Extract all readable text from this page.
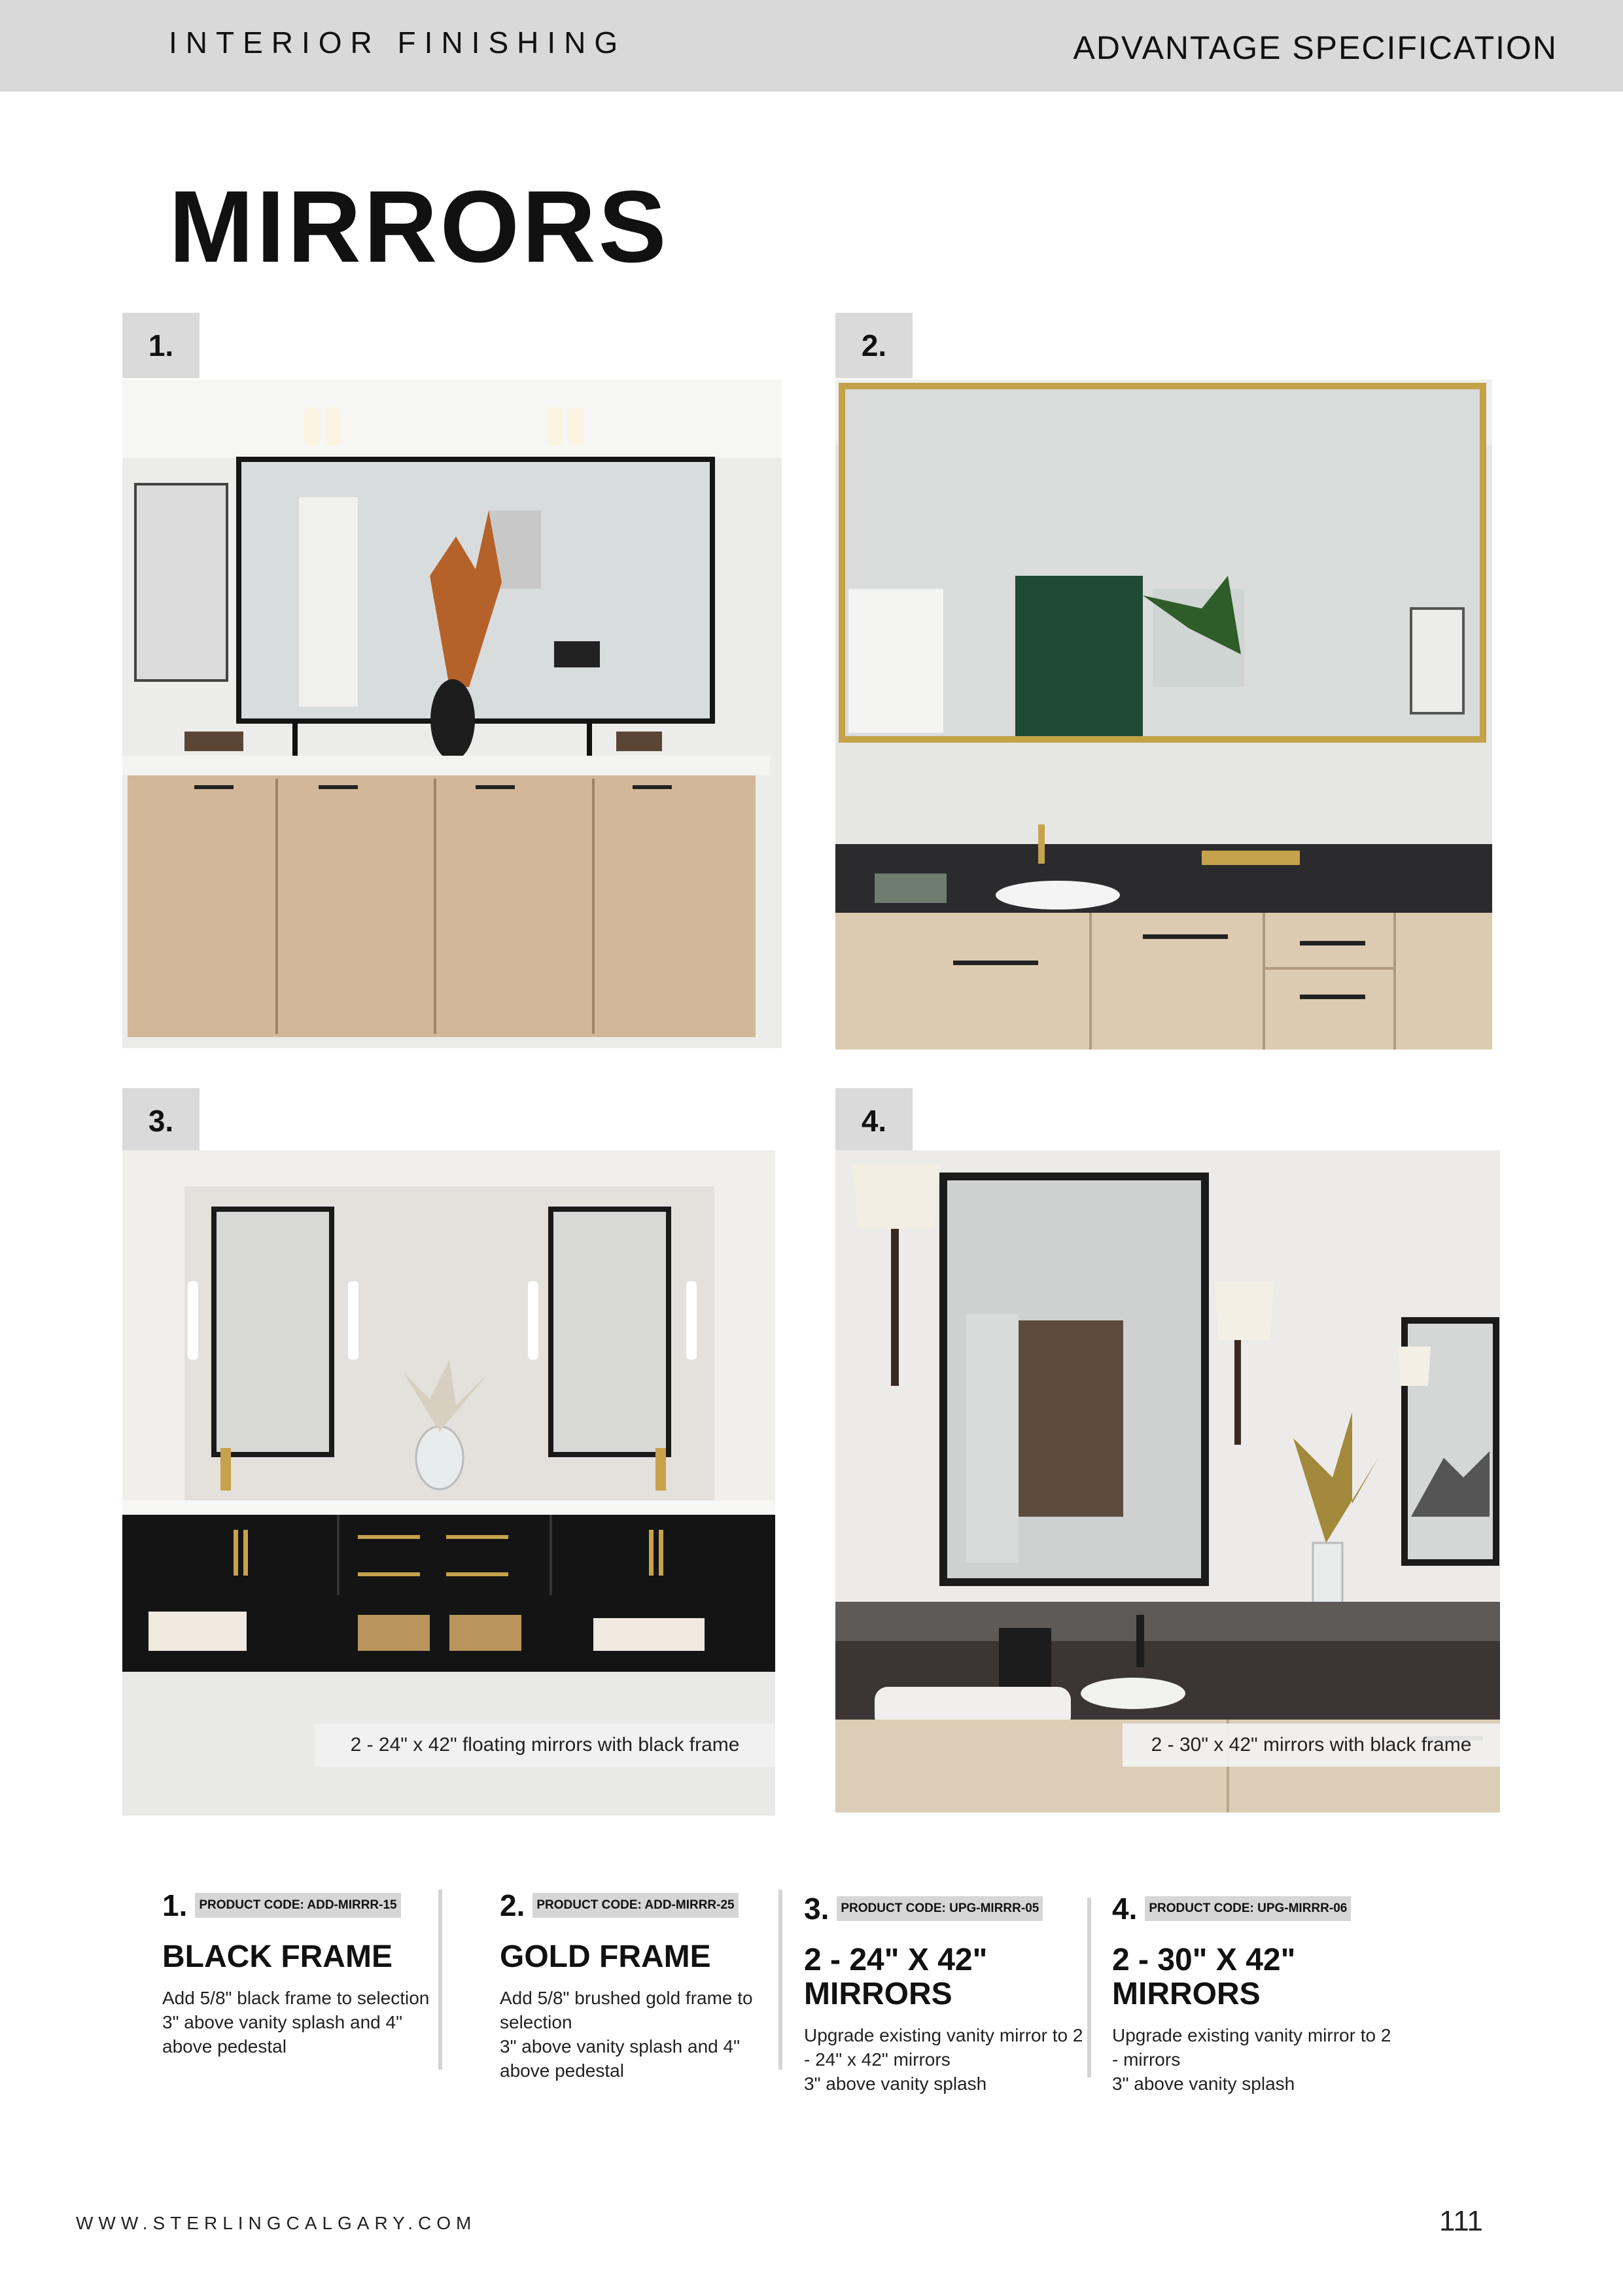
INTERIOR FINISHING	ADVANTAGE SPECIFICATION
MIRRORS
1.	2.
3.
2 - 24" x 42" floating mirrors with black frame
4.
2 - 30" x 42" mirrors with black frame
1. PRODUCT CODE: ADD-MIRRR-15
BLACK FRAME
Add 5/8" black frame to selection
3" above vanity splash and 4" above pedestal
2. PRODUCT CODE: ADD-MIRRR-25
GOLD FRAME
Add 5/8" brushed gold frame to selection
3" above vanity splash and 4" above pedestal
3. PRODUCT CODE: UPG-MIRRR-05
2 - 24" X 42" MIRRORS
Upgrade existing vanity mirror to 2 - 24" x 42" mirrors
3" above vanity splash
4. PRODUCT CODE: UPG-MIRRR-06
2 - 30" X 42" MIRRORS
Upgrade existing vanity mirror to 2 - mirrors
3" above vanity splash
WWW.STERLINGCALGARY.COM	111
